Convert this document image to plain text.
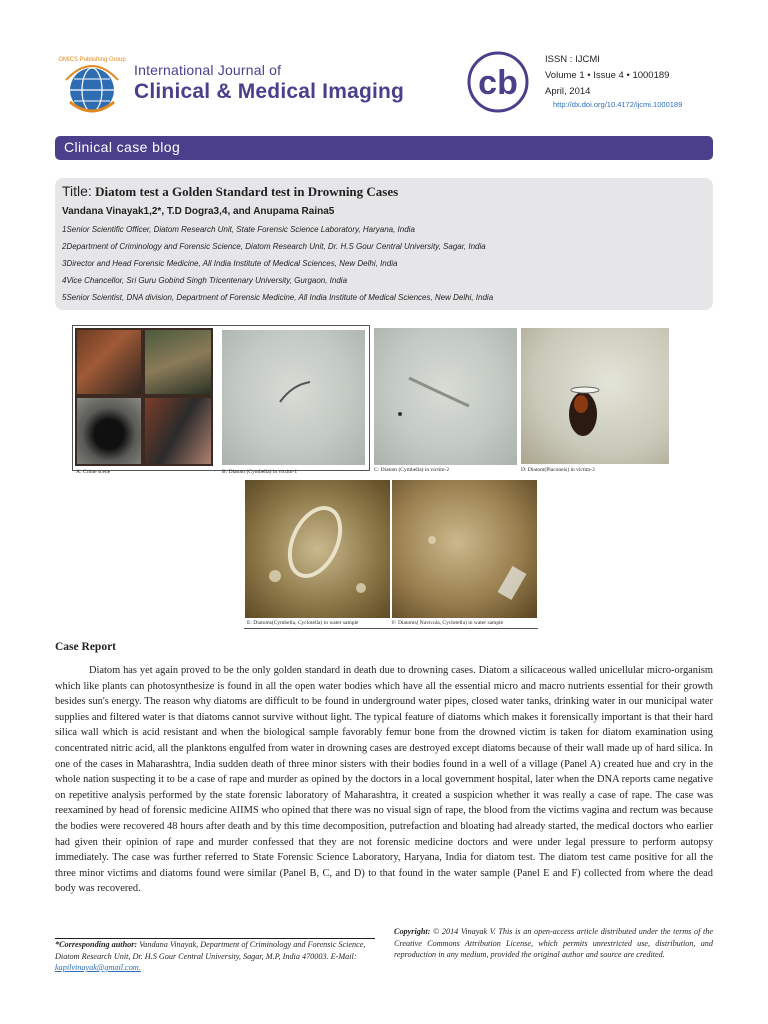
OMICS Publishing Group
International Journal of
Clinical & Medical Imaging cb
ISSN : IJCMI
Volume 1 • Issue 4 • 1000189
April, 2014
http://dx.doi.org/10.4172/ijcmi.1000189
Clinical case blog
Title: Diatom test a Golden Standard test in Drowning Cases
Vandana Vinayak1,2*, T.D Dogra3,4, and Anupama Raina5
1Senior Scientific Officer, Diatom Research Unit, State Forensic Science Laboratory, Haryana, India
2Department of Criminology and Forensic Science, Diatom Research Unit, Dr. H.S Gour Central University, Sagar, India
3Director and Head Forensic Medicine, All India Institute of Medical Sciences, New Delhi, India
4Vice Chancellor, Sri Guru Gobind Singh Tricentenary University, Gurgaon, India
5Senior Scientist, DNA division, Department of Forensic Medicine, All India Institute of Medical Sciences, New Delhi, India
A: Crime scene	B: Diatom (Cymbella) in victim-1	C: Diatom (Cymbella) in victim-2	D: Diatom(Placoneis) in victim-3
E: Diatoms(Cymbella, Cyclotella) in water sample	F: Diatoms( Navicula, Cyclotella) in water sample
Case Report
Diatom has yet again proved to be the only golden standard in death due to drowning cases. Diatom a silicaceous walled unicellular micro-organism which like plants can photosynthesize is found in all the open water bodies which have all the essential micro and macro nutrients essential for their growth besides sun's energy. The reason why diatoms are difficult to be found in underground water pipes, closed water tanks, drinking water in our municipal water supplies and filtered water is that diatoms cannot survive without light. The typical feature of diatoms which makes it forensically important is that their hard silica wall which is acid resistant and when the biological sample favorably femur bone from the drowned victim is taken for diatom examination using concentrated nitric acid, all the planktons engulfed from water in drowning cases are destroyed except diatoms because of their wall made up of hard silica. In one of the cases in Maharashtra, India sudden death of three minor sisters with their bodies found in a well of a village (Panel A) created hue and cry in the whole nation suspecting it to be a case of rape and murder as opined by the doctors in a local government hospital, later when the DNA reports came negative on repetitive analysis performed by the state forensic laboratory of Maharashtra, it created a suspicion whether it was really a case of rape. The case was reexamined by head of forensic medicine AIIMS who opined that there was no visual sign of rape, the blood from the victims vagina and rectum was because the bodies were recovered 48 hours after death and by this time decomposition, putrefaction and bloating had already started, the medical doctors who earlier had given their opinion of rape and murder confessed that they are not forensic medicine doctors and were under legal pressure to perform autopsy immediately. The case was further referred to State Forensic Science Laboratory, Haryana, India for diatom test. The diatom test came positive for all the three minor victims and diatoms found were similar (Panel B, C, and D) to that found in the water sample (Panel E and F) collected from where the dead body was recovered.
*Corresponding author: Vandana Vinayak, Department of Criminology and Forensic Science, Diatom Research Unit, Dr. H.S Gour Central University, Sagar, M.P, India 470003. E-Mail: kapilvinayak@gmail.com.
Copyright: © 2014 Vinayak V. This is an open-access article distributed under the terms of the Creative Commons Attribution License, which permits unrestricted use, distribution, and reproduction in any medium, provided the original author and source are credited.
